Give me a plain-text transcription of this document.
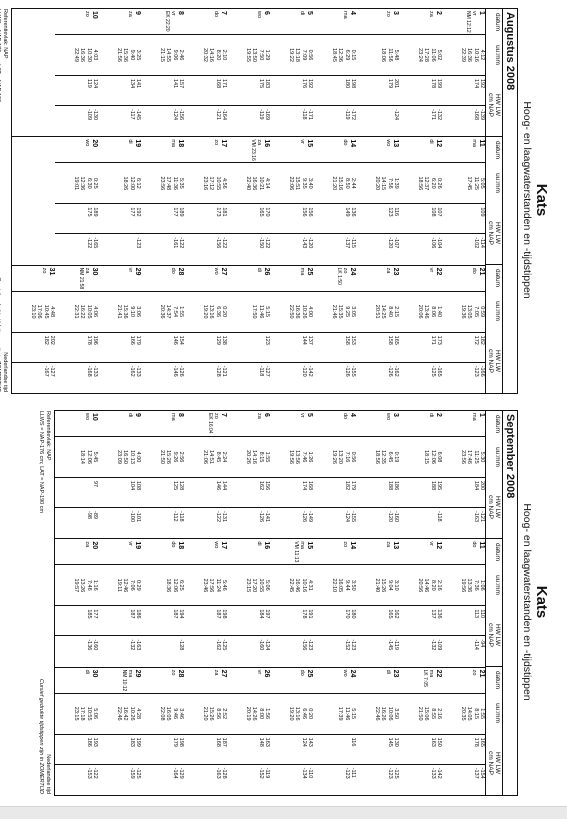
Kats
Hoog- en laagwaterstanden en -tijdstippen
Augustus 2008
datum
uu:mm
HW LW
cm NAP
datum
uu:mm
HW LW
cm NAP
datum
uu:mm
HW LW
cm NAP
1
vr
NM 12:12
4:12
10:16
16:36
22:39
192
174
-139
-168
2
za
5:02
11:06
17:28
23:24
199
178
-132
-171
3
zo
5:48
11:56
18:06
201
179
-124
4
ma
0:15
6:29
12:36
18:45
198
180
-172
-119
5
di
0:56
7:09
13:18
19:22
192
176
-171
-118
6
wo
1:29
7:50
13:50
19:55
183
175
-169
-119
7
do
2:10
8:20
14:16
20:32
171
168
-164
-121
8
vr
EK 22:20
2:46
9:06
14:55
21:15
157
141
-156
-124
9
za
3:25
9:40
15:36
21:56
141
134
-145
-117
10
zo
4:03
10:30
16:36
22:49
124
119
-130
-109
11
ma
5:05
11:25
17:45
109
-114
-102
12
di
0:26
6:20
12:37
18:56
107
108
-104
-106
13
wo
1:39
7:56
14:15
20:20
116
123
-107
-120
14
do
2:44
8:50
15:16
21:20
136
149
-115
-137
15
vr
3:40
9:35
15:51
22:06
156
156
-120
-143
16
za
VM 23:16
4:14
10:21
16:36
22:40
170
165
-122
-150
17
zo
4:56
10:55
17:12
23:16
181
173
-122
-156
18
ma
5:35
11:36
17:48
23:56
189
177
-122
-161
19
di
6:12
12:00
18:26
192
177
-123
20
wo
0:25
6:30
12:36
19:01
189
175
-165
-122
21
do
0:59
7:05
13:05
19:36
182
172
-166
-123
22
vr
1:40
8:06
13:46
20:06
173
171
-165
-125
23
za
2:15
8:40
14:25
20:51
165
158
-162
-126
24
zo
LK 1:50
3:05
9:25
15:35
21:46
153
158
-155
-126
25
ma
4:00
10:26
16:36
22:50
137
144
-142
-120
26
di
5:15
11:46
17:50
123
-127
-118
27
wo
0:20
6:36
13:16
19:20
138
129
-121
-128
28
do
1:55
7:54
14:37
20:36
154
146
-126
-146
29
vr
3:06
9:10
15:36
21:41
179
166
-133
-162
30
za
NM 21:58
4:06
10:05
16:22
22:31
196
178
-133
-168
31
zo
4:48
10:45
17:06
23:10
202
182
-127
-167
Referentievlak: NAP
Nederlandse tijd
Kats
Hoog- en laagwaterstanden en -tijdstippen
September 2008
datum
uu:mm
HW LW
cm NAP
datum
uu:mm
HW LW
cm NAP
datum
uu:mm
HW LW
cm NAP
1
ma
5:30
11:25
17:46
23:56
200
184
-121
-163
2
di
6:08
12:06
18:15
195
188
-118
3
wo
0:19
6:45
12:35
18:56
186
188
-160
-120
4
do
0:56
7:16
13:20
19:26
179
182
-155
-124
5
vr
1:26
7:46
13:56
19:56
168
174
-149
-126
6
za
1:55
8:15
14:16
20:26
156
162
-141
-126
7
zo
EK 16:04
2:24
8:45
14:51
21:06
144
146
-131
-122
8
ma
2:56
9:26
15:26
21:50
128
125
-118
-112
9
di
4:00
10:13
16:50
23:09
108
104
-101
-100
10
wo
5:45
12:06
18:14
97
-89
-98
11
do
1:06
7:36
13:36
19:56
110
113
-94
-114
12
vr
2:16
8:20
14:46
20:56
136
137
-109
-132
13
za
3:10
9:04
15:26
21:40
162
165
-119
-145
14
zo
3:50
9:44
16:05
22:10
180
170
-123
-152
15
ma
VM 11:13
4:31
10:16
16:46
22:45
191
178
-123
-156
16
di
5:06
10:55
17:20
23:15
197
184
-124
-160
17
wo
5:46
11:24
17:56
23:46
198
187
-125
-162
18
do
6:25
12:06
18:36
194
187
-128
19
vr
0:29
7:06
12:46
19:11
186
187
-163
-132
20
za
1:16
7:46
13:26
19:57
177
185
-160
-136
21
zo
1:55
8:15
14:05
20:35
165
178
-154
-137
22
ma
LK 7:05
2:16
8:55
15:06
21:50
150
163
-142
-133
23
di
3:50
10:06
16:26
22:46
130
145
-125
-123
24
wo
5:15
11:46
17:39
116
-111
-123
25
do
0:20
6:46
13:16
19:20
143
124
-110
-134
26
vr
1:56
8:00
14:26
20:19
163
148
-119
-152
27
za
2:52
8:56
15:26
21:20
187
168
-128
-163
28
zo
3:46
9:46
16:05
22:08
198
179
-129
-164
29
ma
NM 10:12
4:28
10:26
16:42
22:46
199
183
-125
-159
30
di
5:06
10:55
17:18
23:15
193
186
-122
-153
Referentievlak: NAP
LLWS = NAP-176 cm; LAT = NAP-190 cm
Nederlandse tijd
Cursief gedrukte tijdstippen zijn in ZOMERTIJD
